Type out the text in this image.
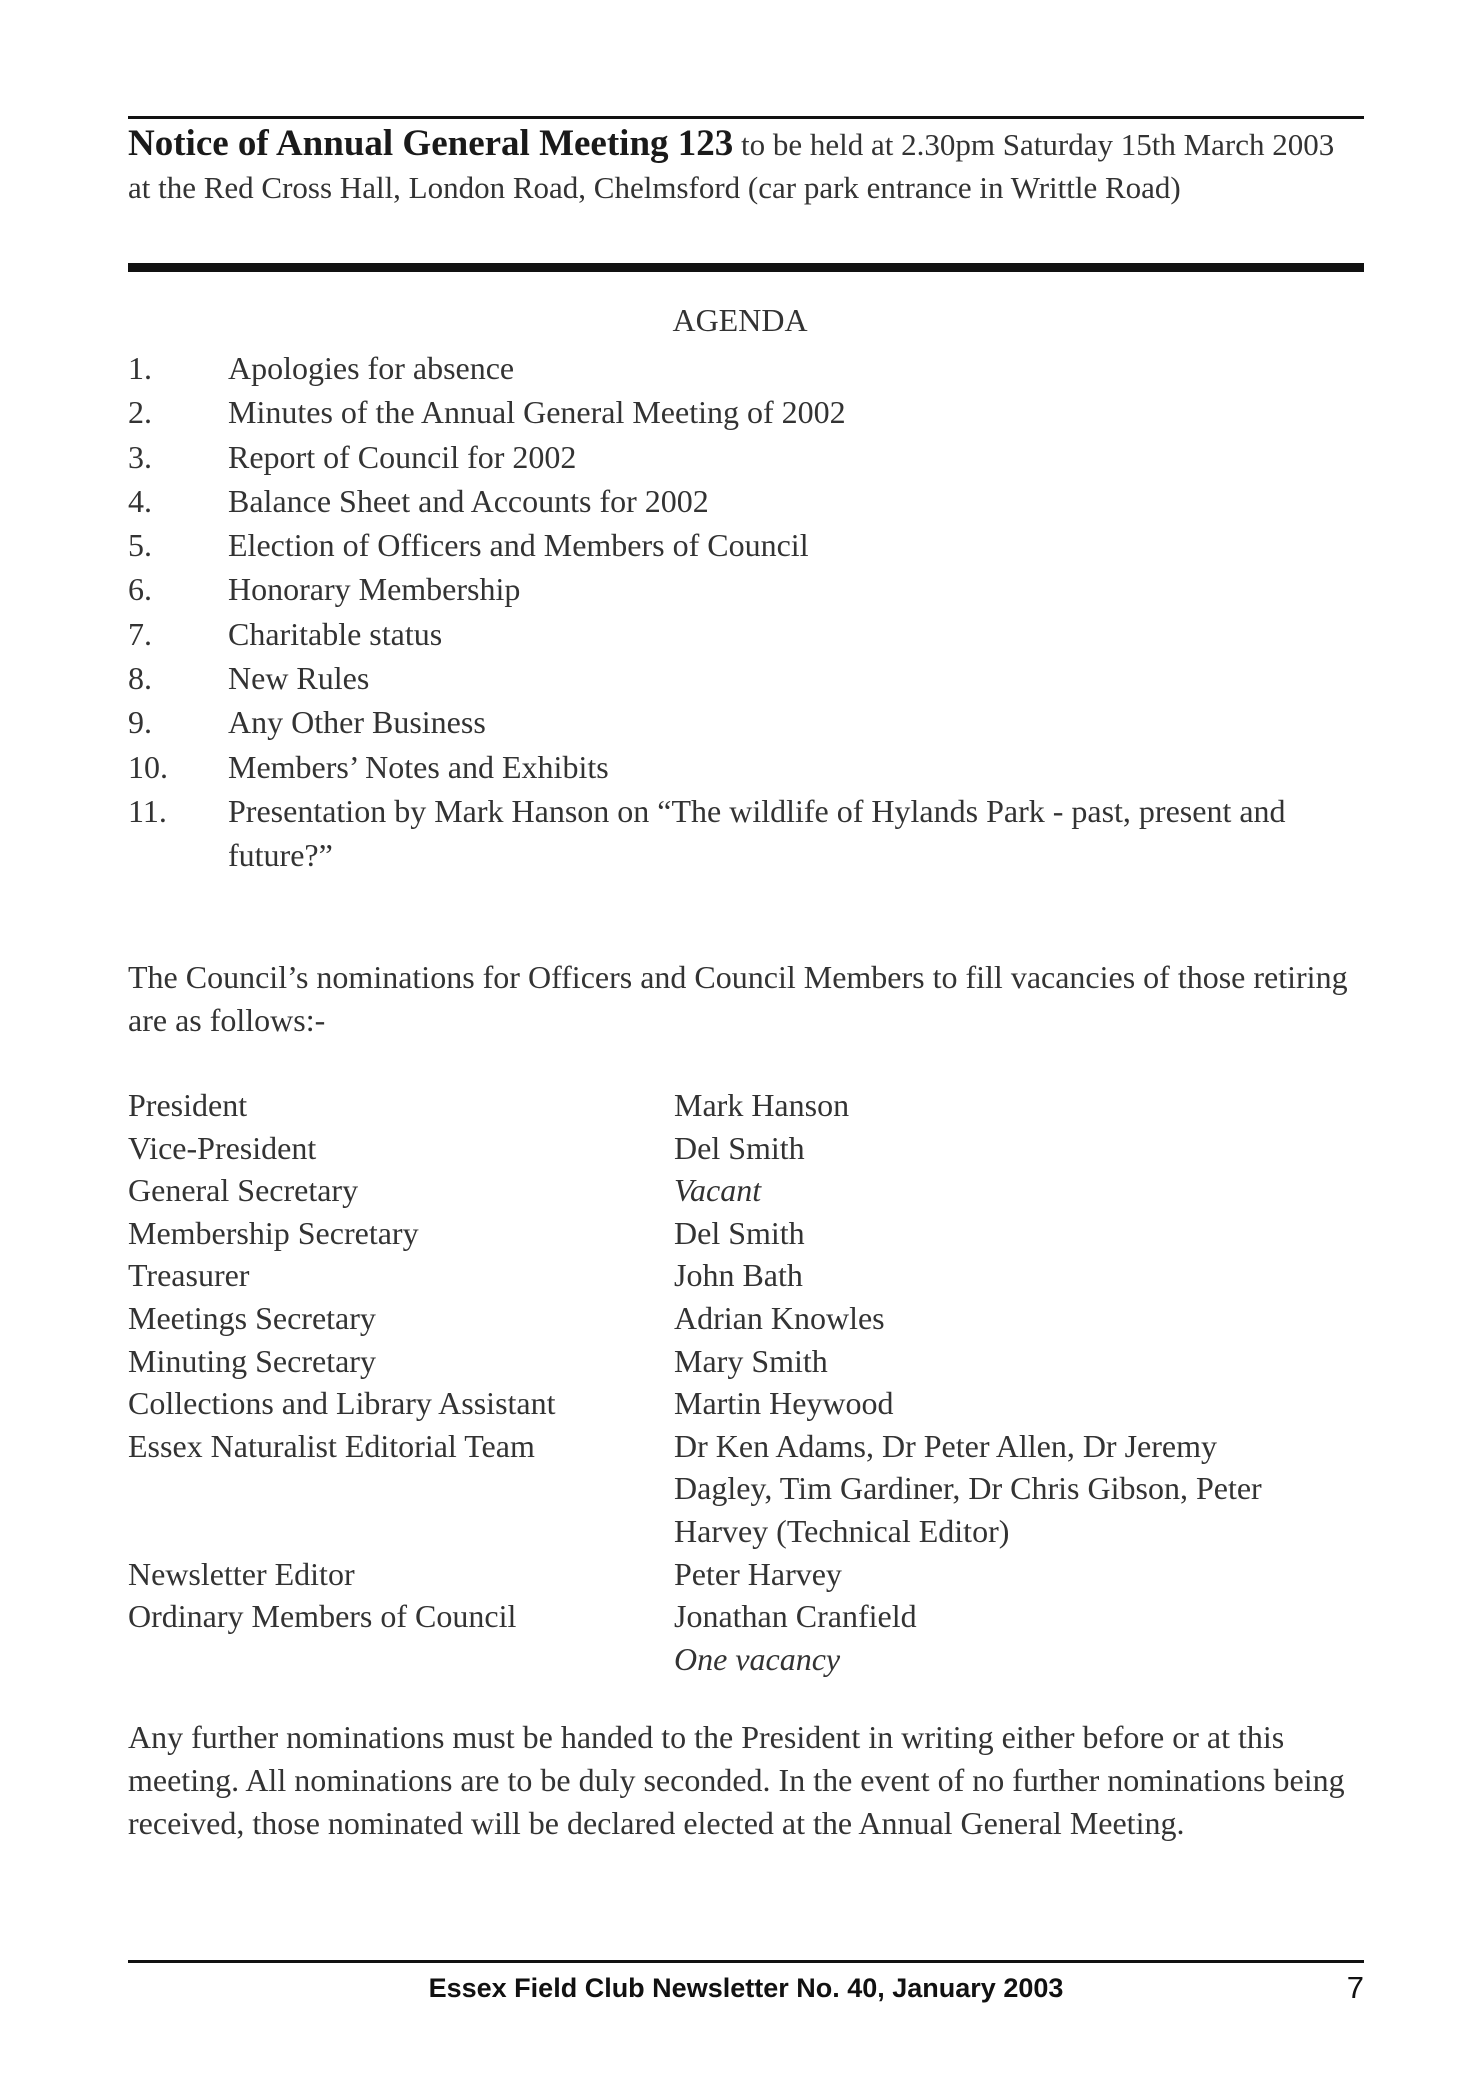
Notice of Annual General Meeting 123 to be held at 2.30pm Saturday 15th March 2003 at the Red Cross Hall, London Road, Chelmsford (car park entrance in Writtle Road)
AGENDA
1.	Apologies for absence
2.	Minutes of the Annual General Meeting of 2002
3.	Report of Council for 2002
4.	Balance Sheet and Accounts for 2002
5.	Election of Officers and Members of Council
6.	Honorary Membership
7.	Charitable status
8.	New Rules
9.	Any Other Business
10.	Members’ Notes and Exhibits
11.	Presentation by Mark Hanson on “The wildlife of Hylands Park - past, present and future?”
The Council’s nominations for Officers and Council Members to fill vacancies of those retiring are as follows:-
President	Mark Hanson
Vice-President	Del Smith
General Secretary	Vacant
Membership Secretary	Del Smith
Treasurer	John Bath
Meetings Secretary	Adrian Knowles
Minuting Secretary	Mary Smith
Collections and Library Assistant	Martin Heywood
Essex Naturalist Editorial Team	Dr Ken Adams, Dr Peter Allen, Dr Jeremy
Dagley, Tim Gardiner, Dr Chris Gibson, Peter
Harvey (Technical Editor)
Newsletter Editor	Peter Harvey
Ordinary Members of Council	Jonathan Cranfield
One vacancy
Any further nominations must be handed to the President in writing either before or at this meeting. All nominations are to be duly seconded. In the event of no further nominations being received, those nominated will be declared elected at the Annual General Meeting.
Essex Field Club Newsletter No. 40, January 2003	7
